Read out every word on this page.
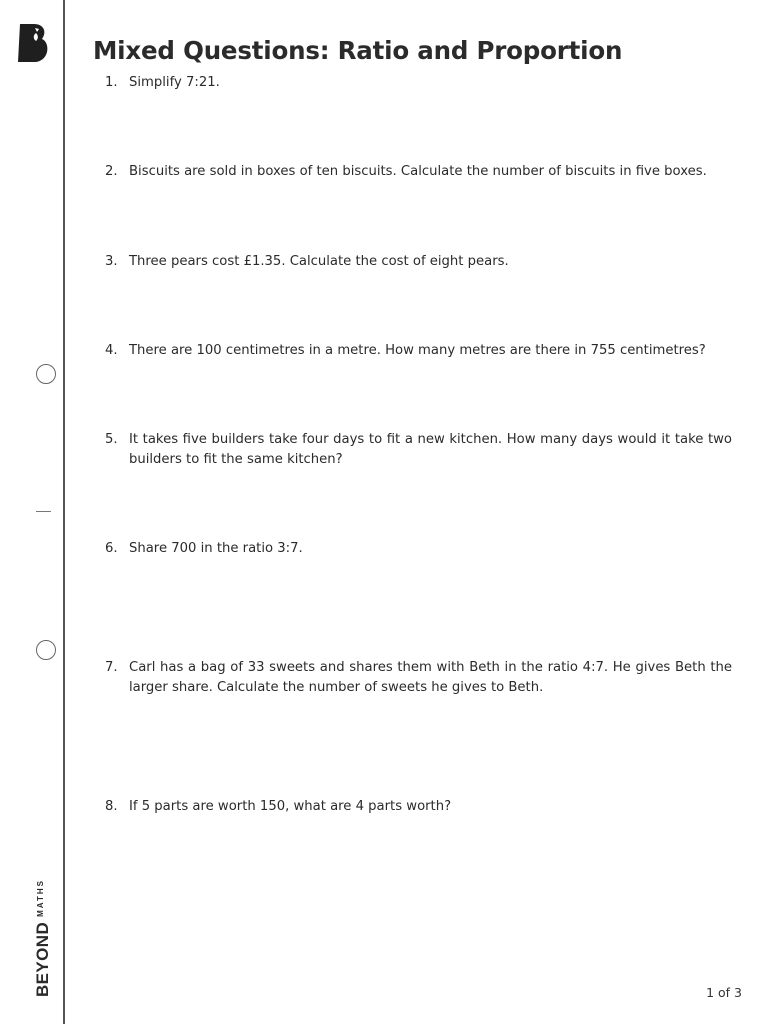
$BEYOND^{MATHS}$
Mixed Questions: Ratio and Proportion
1. Simplify 7:21.
2. Biscuits are sold in boxes of ten biscuits. Calculate the number of biscuits in five boxes.
3. Three pears cost £1.35. Calculate the cost of eight pears.
4. There are 100 centimetres in a metre. How many metres are there in 755 centimetres?
5. It takes five builders take four days to fit a new kitchen. How many days would it take two builders to fit the same kitchen?
6. Share 700 in the ratio 3:7.
7. Carl has a bag of 33 sweets and shares them with Beth in the ratio 4:7. He gives Beth the larger share. Calculate the number of sweets he gives to Beth.
8. If 5 parts are worth 150, what are 4 parts worth?
1 of 3
